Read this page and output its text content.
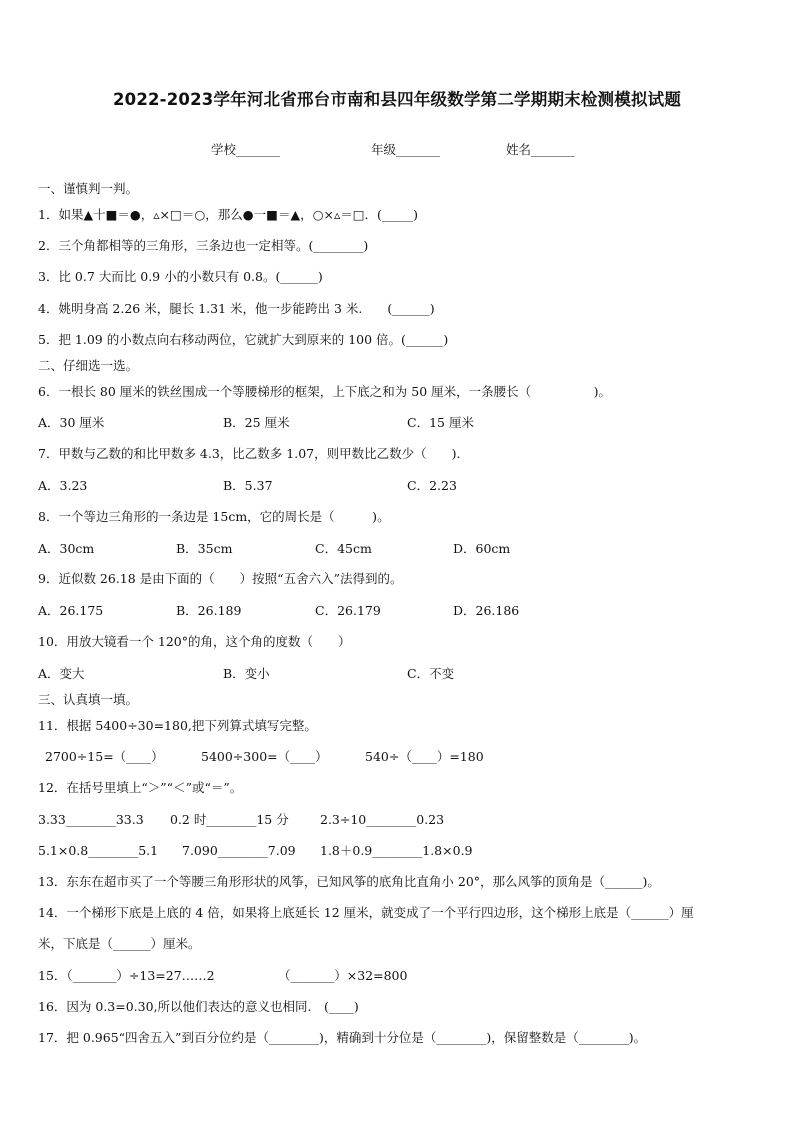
2022-2023学年河北省邢台市南和县四年级数学第二学期期末检测模拟试题
学校_______	年级_______	姓名_______
一、谨慎判一判。
1．如果▲十■＝●，▵×□＝○，那么●一■＝▲，○×▵＝□．(_____)
2．三个角都相等的三角形，三条边也一定相等。(________)
3．比 0.7 大而比 0.9 小的小数只有 0.8。(______)
4．姚明身高 2.26 米，腿长 1.31 米，他一步能跨出 3 米.　　(______)
5．把 1.09 的小数点向右移动两位，它就扩大到原来的 100 倍。(______)
二、仔细选一选。
6．一根长 80 厘米的铁丝围成一个等腰梯形的框架，上下底之和为 50 厘米，一条腰长（　　　　　)。
A．30 厘米	B．25 厘米	C．15 厘米
7．甲数与乙数的和比甲数多 4.3，比乙数多 1.07，则甲数比乙数少（　　).
A．3.23	B．5.37	C．2.23
8．一个等边三角形的一条边是 15cm，它的周长是（　　　)。
A．30cm	B．35cm	C．45cm	D．60cm
9．近似数 26.18 是由下面的（　　）按照“五舍六入”法得到的。
A．26.175	B．26.189	C．26.179	D．26.186
10．用放大镜看一个 120°的角，这个角的度数（　　）
A．变大	B．变小	C．不变
三、认真填一填。
11．根据 5400÷30=180,把下列算式填写完整。
2700÷15=（____）	5400÷300=（____）	540÷（____）=180
12．在括号里填上“＞”“＜”或“＝”。
3.33________33.3 0.2 时________15 分	2.3÷10________0.23
5.1×0.8________5.1 7.090________7.09 1.8＋0.9________1.8×0.9
13．东东在超市买了一个等腰三角形形状的风筝，已知风筝的底角比直角小 20°，那么风筝的顶角是（______)。
14．一个梯形下底是上底的 4 倍，如果将上底延长 12 厘米，就变成了一个平行四边形，这个梯形上底是（______）厘
米，下底是（______）厘米。
15．（_______）÷13=27……2	（_______）×32=800
16．因为 0.3=0.30,所以他们表达的意义也相同.　(____)
17．把 0.965“四舍五入”到百分位约是（________)，精确到十分位是（________)，保留整数是（________)。
